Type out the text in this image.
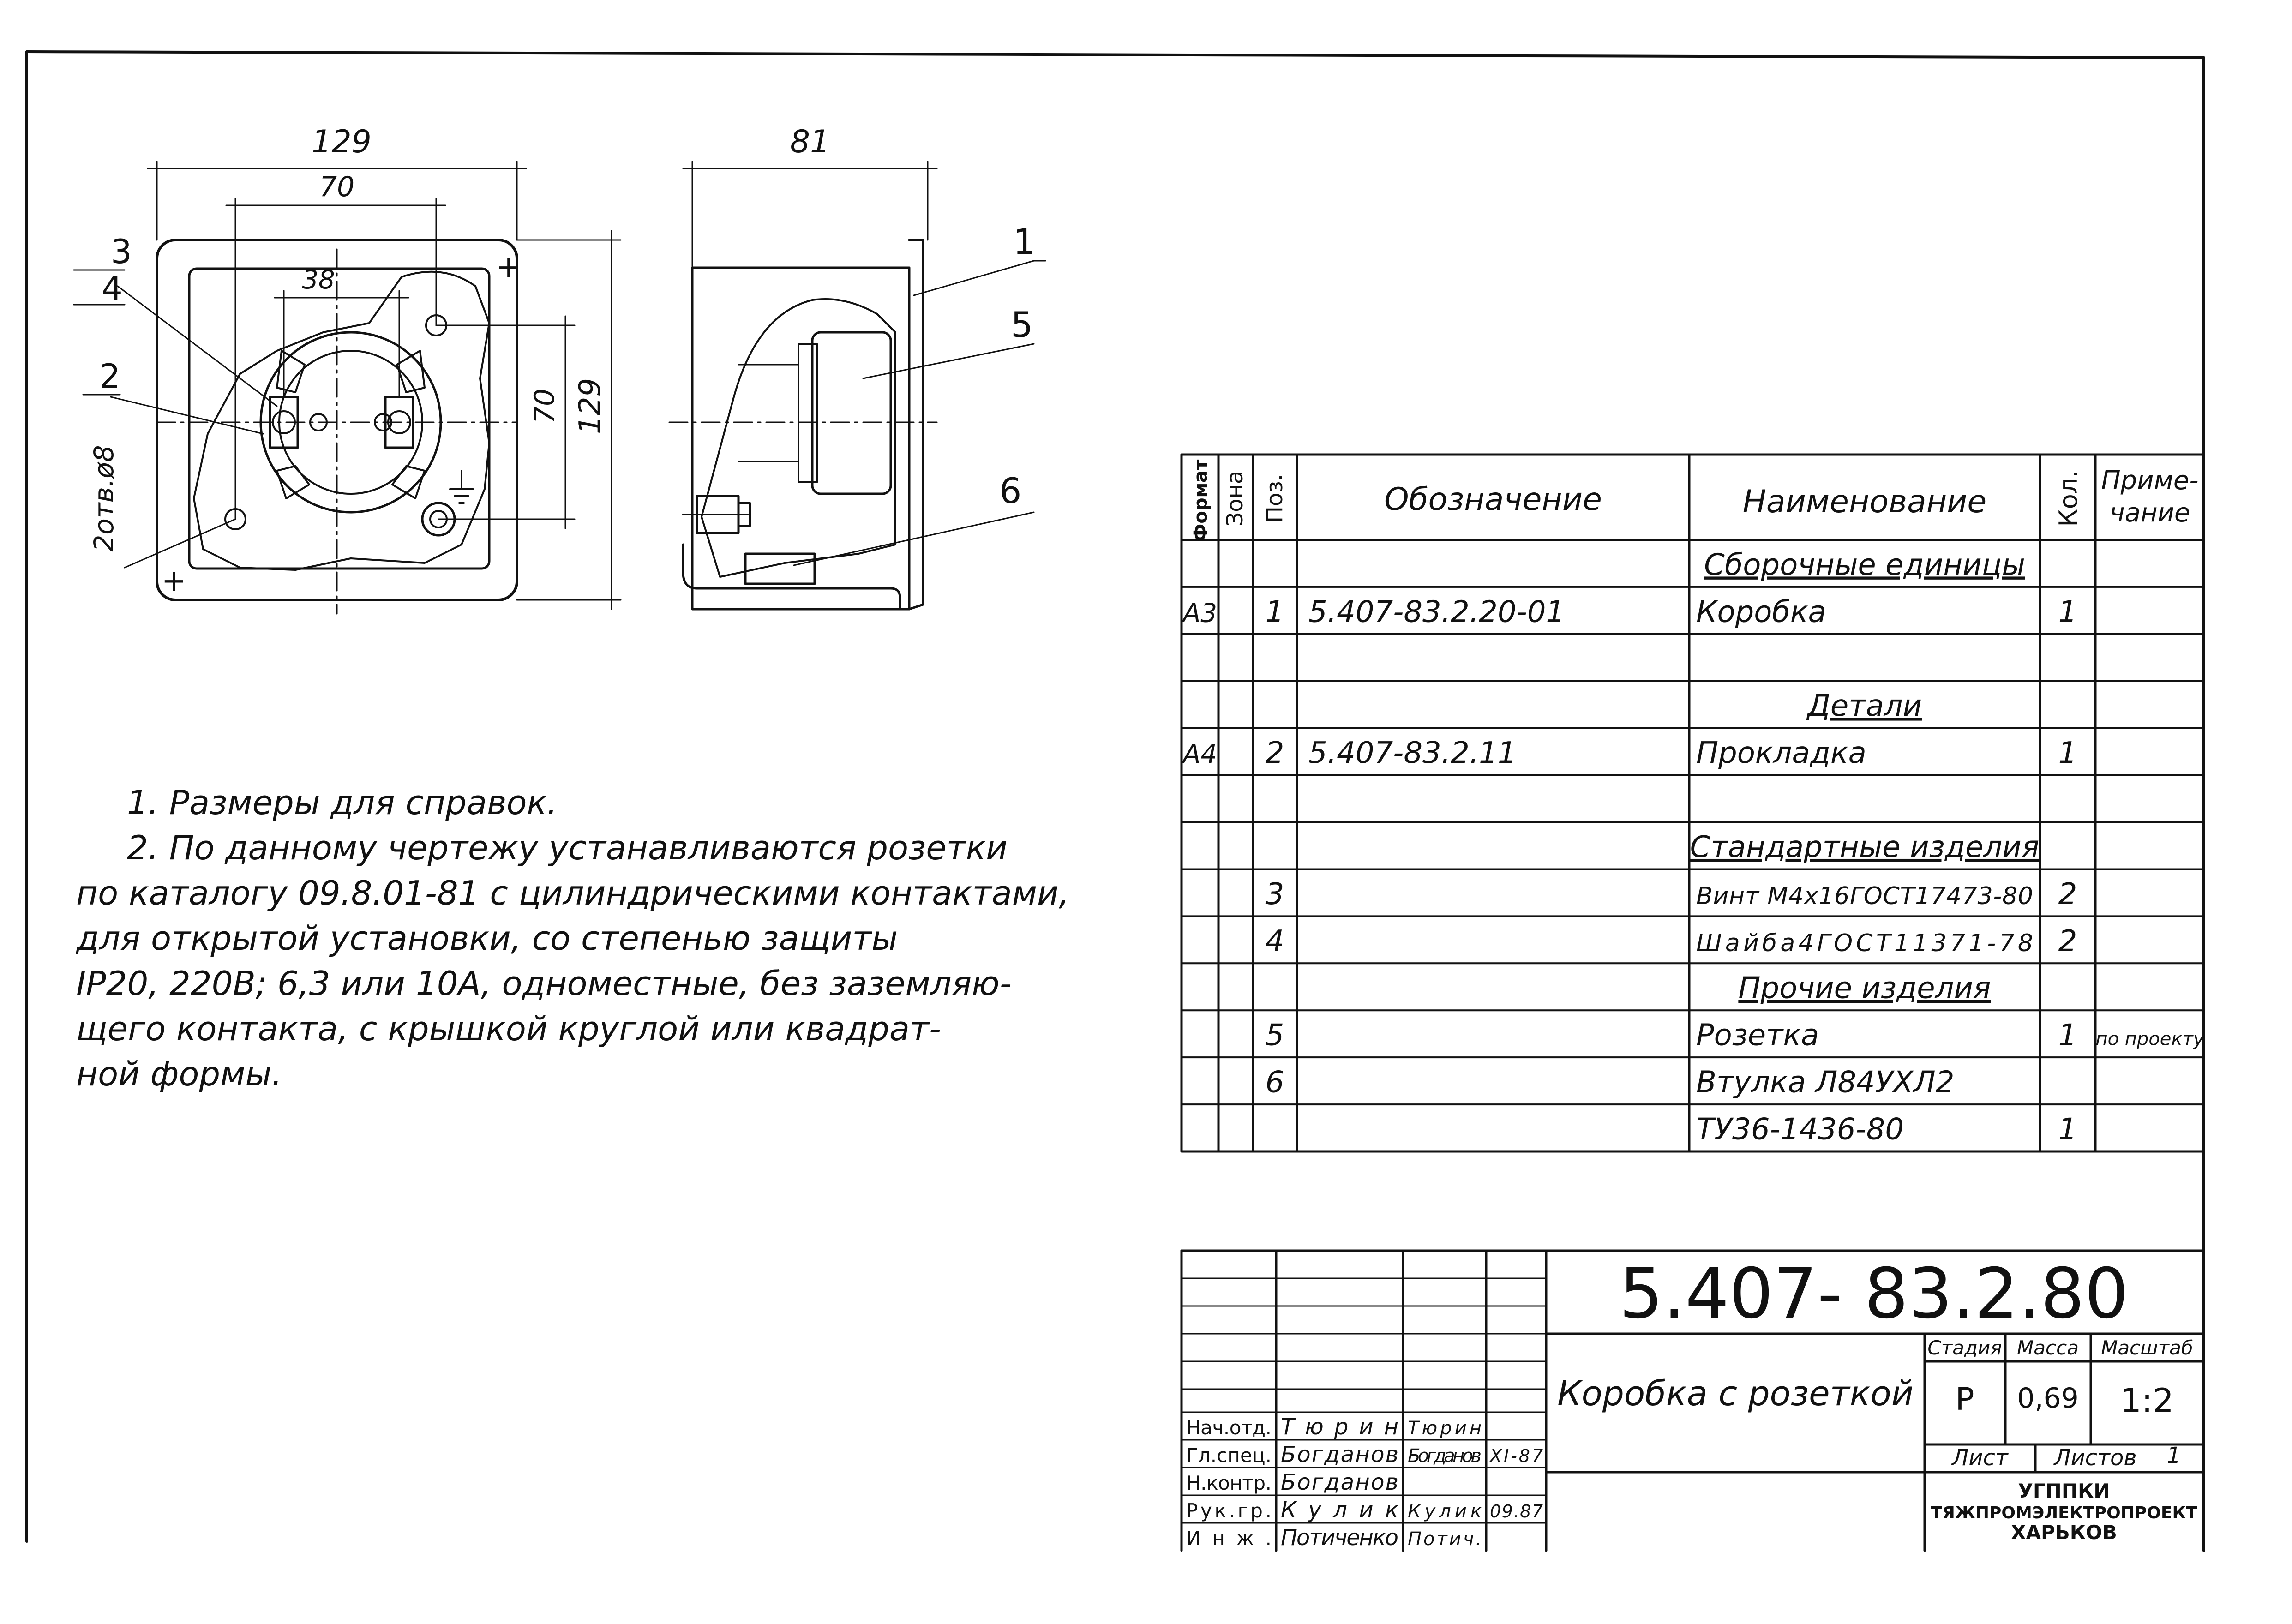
129
70
38
70 129
2отв.ø8
3
4
2
+
+
81
1
5
6	Формат Зона Поз.	Обозначение	Наименование	Кол. Приме-
чание
Сборочные единицы
А3 1 5.407-83.2.20-01	Коробка	1
Детали
А4 2 5.407-83.2.11	Прокладка	1
Стандартные изделия
3	Винт М4х16ГОСТ17473-80 2
4	Шайба4ГОСТ11371-78 2
Прочие изделия
5	Розетка	1 по проекту
6	Втулка Л84УХЛ2
ТУ36-1436-80	1
5.407- 83.2.80
Коробка с розеткой
Стадия Масса Масштаб
Р 0,69 1:2
Лист Листов 1
УГППКИ
ТЯЖПРОМЭЛЕКТРОПРОЕКТ
ХАРЬКОВ
Нач.отд. Тюрин Тюрин
Гл.спец. Богданов Богданов XI-87
Н.контр. Богданов
Рук.гр. Кулик Кулик 09.87
Инж. Потиченко Потич.

1. Размеры для справок.

2. По данному чертежу устанавливаются розетки

по каталогу 09.8.01-81 с цилиндрическими контактами,

для открытой установки, со степенью защиты

IP20, 220В; 6,3 или 10А, одноместные, без заземляю-

щего контакта, с крышкой круглой или квадрат-

ной формы.
